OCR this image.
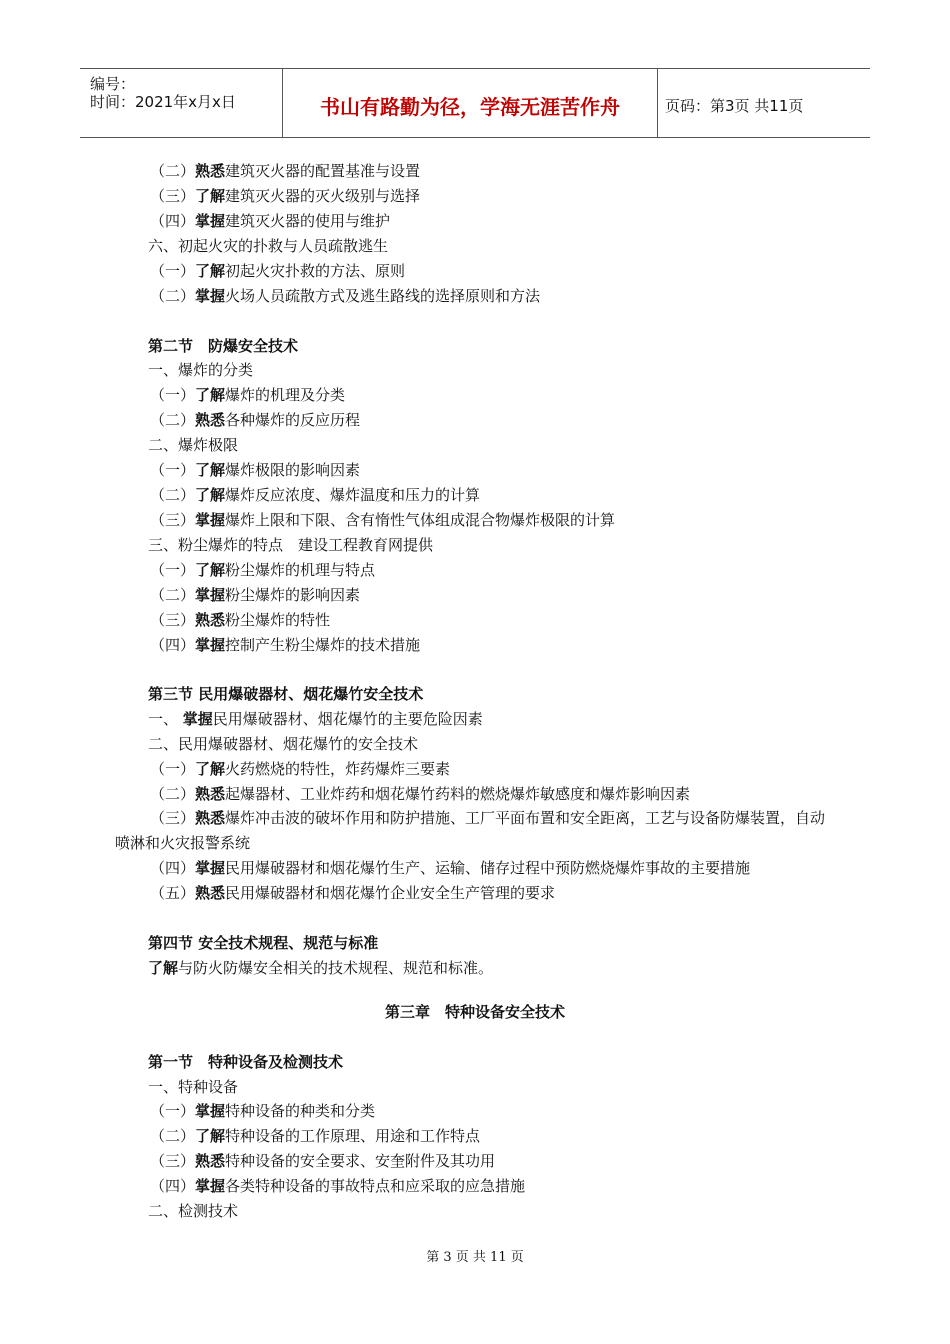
编号：
时间：2021年x月x日	书山有路勤为径，学海无涯苦作舟	页码：第3页 共11页
（二）熟悉建筑灭火器的配置基准与设置
（三）了解建筑灭火器的灭火级别与选择
（四）掌握建筑灭火器的使用与维护
六、初起火灾的扑救与人员疏散逃生
（一）了解初起火灾扑救的方法、原则
（二）掌握火场人员疏散方式及逃生路线的选择原则和方法
第二节　防爆安全技术
一、爆炸的分类
（一）了解爆炸的机理及分类
（二）熟悉各种爆炸的反应历程
二、爆炸极限
（一）了解爆炸极限的影响因素
（二）了解爆炸反应浓度、爆炸温度和压力的计算
（三）掌握爆炸上限和下限、含有惰性气体组成混合物爆炸极限的计算
三、粉尘爆炸的特点　建设工程教育网提供
（一）了解粉尘爆炸的机理与特点
（二）掌握粉尘爆炸的影响因素
（三）熟悉粉尘爆炸的特性
（四）掌握控制产生粉尘爆炸的技术措施
第三节 民用爆破器材、烟花爆竹安全技术
一、 掌握民用爆破器材、烟花爆竹的主要危险因素
二、民用爆破器材、烟花爆竹的安全技术
（一）了解火药燃烧的特性，炸药爆炸三要素
（二）熟悉起爆器材、工业炸药和烟花爆竹药料的燃烧爆炸敏感度和爆炸影响因素
（三）熟悉爆炸冲击波的破坏作用和防护措施、工厂平面布置和安全距离，工艺与设备防爆装置，自动喷淋和火灾报警系统
（四）掌握民用爆破器材和烟花爆竹生产、运输、储存过程中预防燃烧爆炸事故的主要措施
（五）熟悉民用爆破器材和烟花爆竹企业安全生产管理的要求
第四节 安全技术规程、规范与标准
了解与防火防爆安全相关的技术规程、规范和标准。
第三章　特种设备安全技术
第一节　特种设备及检测技术
一、特种设备
（一）掌握特种设备的种类和分类
（二）了解特种设备的工作原理、用途和工作特点
（三）熟悉特种设备的安全要求、安奎附件及其功用
（四）掌握各类特种设备的事故特点和应采取的应急措施
二、检测技术
第 3 页 共 11 页
